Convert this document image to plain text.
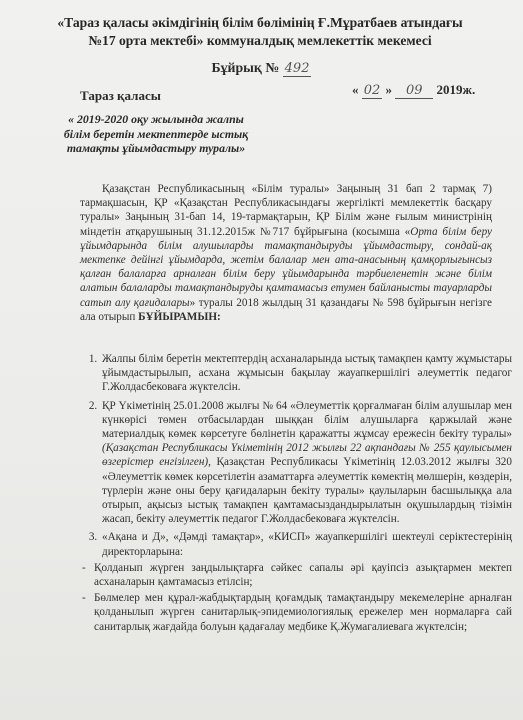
«Тараз қаласы әкімдігінің білім бөлімінің Ғ.Мұратбаев атындағы
№17 орта мектебі» коммуналдық мемлекеттік мекемесі
Бұйрық № 492
Тараз қаласы	« 02 » 09 2019ж.
« 2019-2020 оқу жылында жалпы білім беретін мектептерде ыстық тамақты ұйымдастыру туралы»

Қазақстан Республикасының «Білім туралы» Заңының 31 бап 2 тармақ 7) тармақшасын, ҚР «Қазақстан Республикасындағы жергілікті мемлекеттік басқару туралы» Заңының 31-бап 14, 19-тармақтарын, ҚР Білім және ғылым министрінің міндетін атқарушының 31.12.2015ж №717 бұйрығына (косымша «Орта білім беру ұйымдарында білім алушыларды тамақтандыруды ұйымдастыру, сондай-ақ мектепке дейінгі ұйымдарда, жетім балалар мен ата-анасының қамқорлығынсыз қалған балаларға арналған білім беру ұйымдарында тәрбиеленетін және білім алатын балаларды тамақтандыруды қамтамасыз етумен байланысты тауарларды сатып алу қағидалары» туралы 2018 жылдың 31 қазандағы № 598 бұйрығын негізге ала отырып БҰЙЫРАМЫН:

1. Жалпы білім беретін мектептердің асханаларында ыстық тамақпен қамту жұмыстары ұйымдастырылып, асхана жұмысын бақылау жауапкершілігі әлеуметтік педагог Г.Жолдасбековаға жүктелсін.
2. ҚР Үкіметінің 25.01.2008 жылғы № 64 «Әлеуметтік қорғалмаған білім алушылар мен күнкөрісі төмен отбасылардан шыққан білім алушыларға қаржылай және материалдық көмек көрсетуге бөлінетін қаражатты жұмсау ережесін бекіту туралы» (Қазақстан Республикасы Үкіметінің 2012 жылғы 22 ақпандағы № 255 қаулысымен өзгерістер енгізілген), Қазақстан Республикасы Үкіметінің 12.03.2012 жылғы 320 «Әлеуметтік көмек көрсетілетін азаматтарға әлеуметтік көмектің мөлшерін, көздерін, түрлерін және оны беру қағидаларын бекіту туралы» қаулыларын басшылыққа ала отырып, ақысыз ыстық тамақпен қамтамасыздандырылатын оқушылардың тізімін жасап, бекіту әлеуметтік педагог Г.Жолдасбековаға жүктелсін.
3. «Ақана и Д», «Дәмді тамақтар», «КИСП» жауапкершілігі шектеулі серіктестерінің директорларына:
- Қолданып жүрген заңдылықтарға сәйкес сапалы әрі қауіпсіз азықтармен мектеп асханаларын қамтамасыз етілсін;
- Бөлмелер мен құрал-жабдықтардың қоғамдық тамақтандыру мекемелеріне арналған қолданылып жүрген санитарлық-эпидемиологиялық ережелер мен нормаларға сай санитарлық жағдайда болуын қадағалау медбике Қ.Жумагалиевага жүктелсін;
